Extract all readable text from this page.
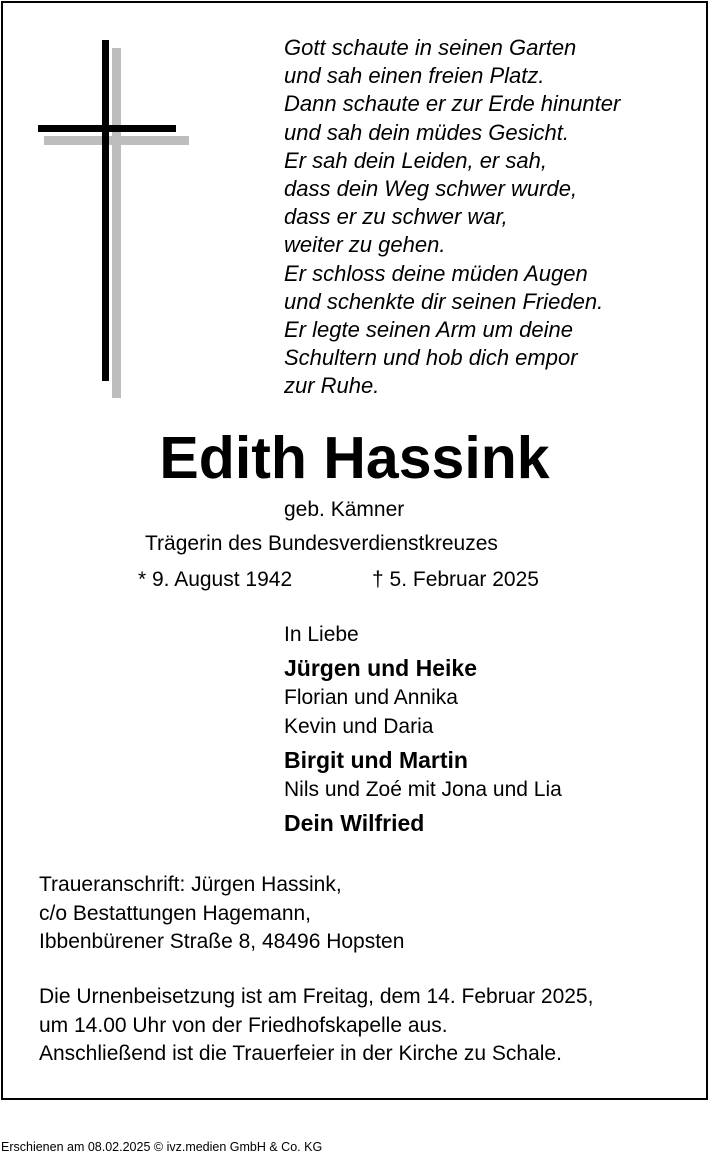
Gott schaute in seinen Garten
und sah einen freien Platz.
Dann schaute er zur Erde hinunter
und sah dein müdes Gesicht.
Er sah dein Leiden, er sah,
dass dein Weg schwer wurde,
dass er zu schwer war,
weiter zu gehen.
Er schloss deine müden Augen
und schenkte dir seinen Frieden.
Er legte seinen Arm um deine
Schultern und hob dich empor
zur Ruhe.
Edith Hassink
geb. Kämner
Trägerin des Bundesverdienstkreuzes
* 9. August 1942	† 5. Februar 2025
In Liebe
Jürgen und Heike
Florian und Annika
Kevin und Daria
Birgit und Martin
Nils und Zoé mit Jona und Lia
Dein Wilfried
Traueranschrift: Jürgen Hassink,
c/o Bestattungen Hagemann,
Ibbenbürener Straße 8, 48496 Hopsten
Die Urnenbeisetzung ist am Freitag, dem 14. Februar 2025,
um 14.00 Uhr von der Friedhofskapelle aus.
Anschließend ist die Trauerfeier in der Kirche zu Schale.
Erschienen am 08.02.2025 © ivz.medien GmbH & Co. KG
